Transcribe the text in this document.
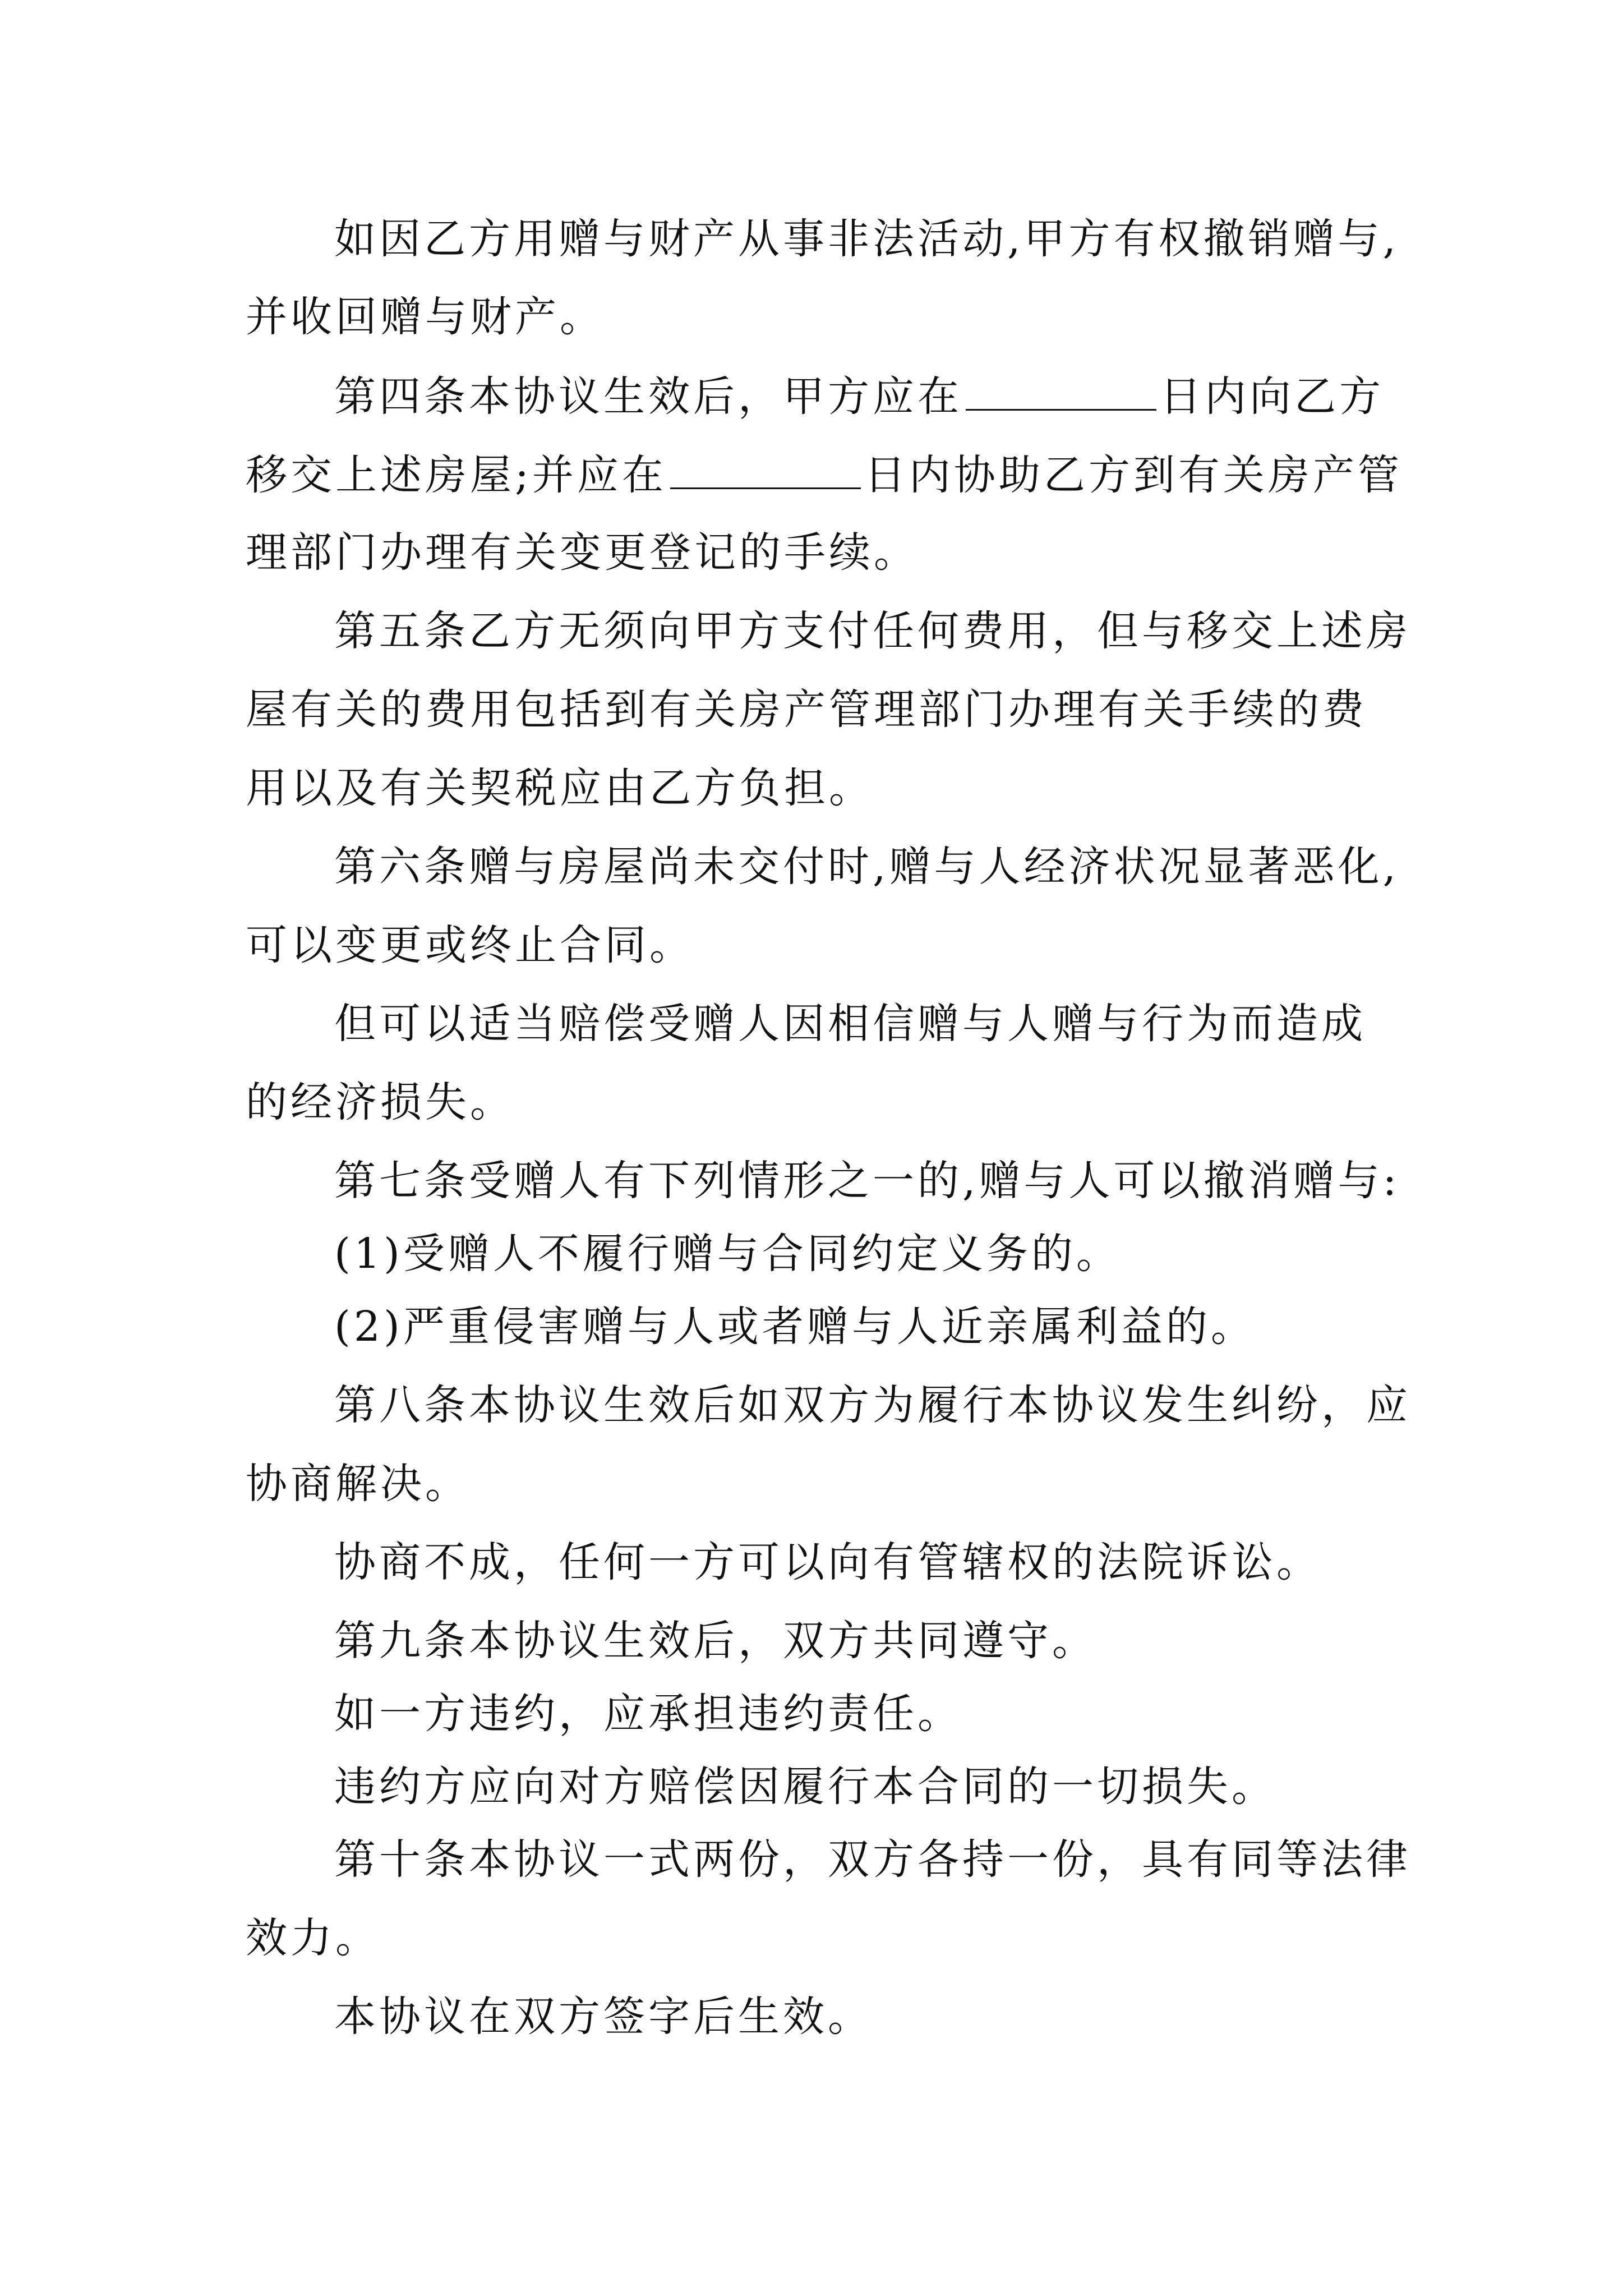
如因乙方用赠与财产从事非法活动,甲方有权撤销赠与,
并收回赠与财产。
第四条本协议生效后，甲方应在	日内向乙方
移交上述房屋;并应在	日内协助乙方到有关房产管
理部门办理有关变更登记的手续。
第五条乙方无须向甲方支付任何费用，但与移交上述房
屋有关的费用包括到有关房产管理部门办理有关手续的费
用以及有关契税应由乙方负担。
第六条赠与房屋尚未交付时,赠与人经济状况显著恶化,
可以变更或终止合同。
但可以适当赔偿受赠人因相信赠与人赠与行为而造成
的经济损失。
第七条受赠人有下列情形之一的,赠与人可以撤消赠与:
(1)受赠人不履行赠与合同约定义务的。
(2)严重侵害赠与人或者赠与人近亲属利益的。
第八条本协议生效后如双方为履行本协议发生纠纷，应
协商解决。
协商不成，任何一方可以向有管辖权的法院诉讼。
第九条本协议生效后，双方共同遵守。
如一方违约，应承担违约责任。
违约方应向对方赔偿因履行本合同的一切损失。
第十条本协议一式两份，双方各持一份，具有同等法律
效力。
本协议在双方签字后生效。
